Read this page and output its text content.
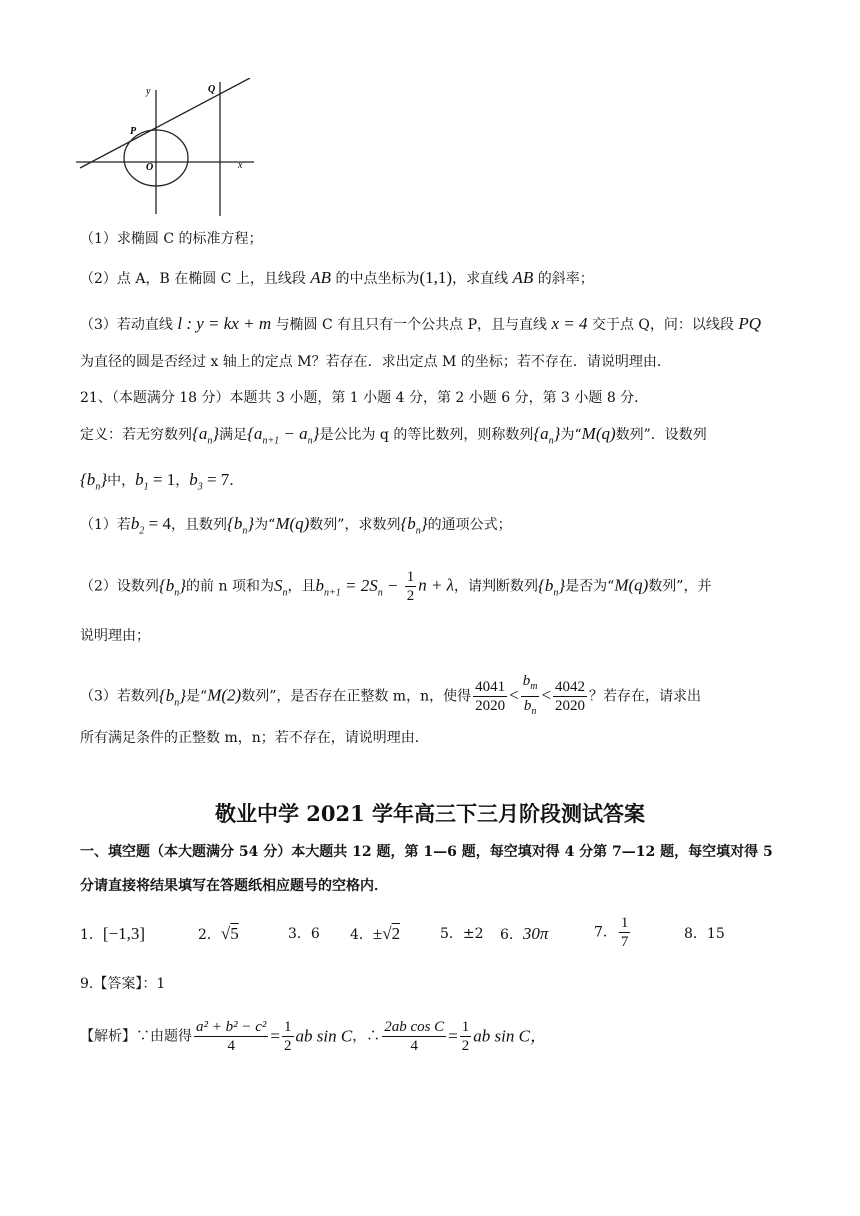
y
x
Q
P
O
（1）求椭圆 C 的标准方程；
（2）点 A，B 在椭圆 C 上，且线段 AB 的中点坐标为(1,1)，求直线 AB 的斜率；
（3）若动直线 l : y = kx + m 与椭圆 C 有且只有一个公共点 P，且与直线 x = 4 交于点 Q，问：以线段 PQ
为直径的圆是否经过 x 轴上的定点 M？若存在．求出定点 M 的坐标；若不存在．请说明理由．
21、（本题满分 18 分）本题共 3 小题，第 1 小题 4 分，第 2 小题 6 分，第 3 小题 8 分．
定义：若无穷数列$\{a_n\}$满足$\{a_{n+1} - a_n\}$是公比为 q 的等比数列，则称数列$\{a_n\}$为“M(q)数列”．设数列
$\{b_n\}$中，$b_1 = 1$，$b_3 = 7$．
（1）若$b_2 = 4$，且数列$\{b_n\}$为“M(q)数列”，求数列$\{b_n\}$的通项公式；
（2）设数列$\{b_n\}$的前 n 项和为$S_n$，且$b_{n+1} = 2S_n - \frac{1}{2}$ n + λ，请判断数列$\{b_n\}$是否为“M(q)数列”，并
说明理由；
（3）若数列$\{b_n\}$是“M(2)数列”，是否存在正整数 m，n，使得 $\frac{4041}{2020} < \frac{b_m}{b_n} < \frac{4042}{2020}$ ？若存在，请求出
所有满足条件的正整数 m，n；若不存在，请说明理由．
敬业中学 2021 学年高三下三月阶段测试答案
一、填空题（本大题满分 54 分）本大题共 12 题，第 1—6 题，每空填对得 4 分第 7—12 题，每空填对得 5
分请直接将结果填写在答题纸相应题号的空格内．
1．[−1,3]	2．√5	3．6 4．±√2	5．±2 6．30π	7． $\frac{1}{7}$	8．15
9.【答案】：1
【解析】∵由题得 $\frac{\text{a² + b² − c²}}{4} = \frac{1}{2}$ ab sin C，∴ $\frac{\text{2ab cos C}}{4} = \frac{1}{2}$ ab sin C，
